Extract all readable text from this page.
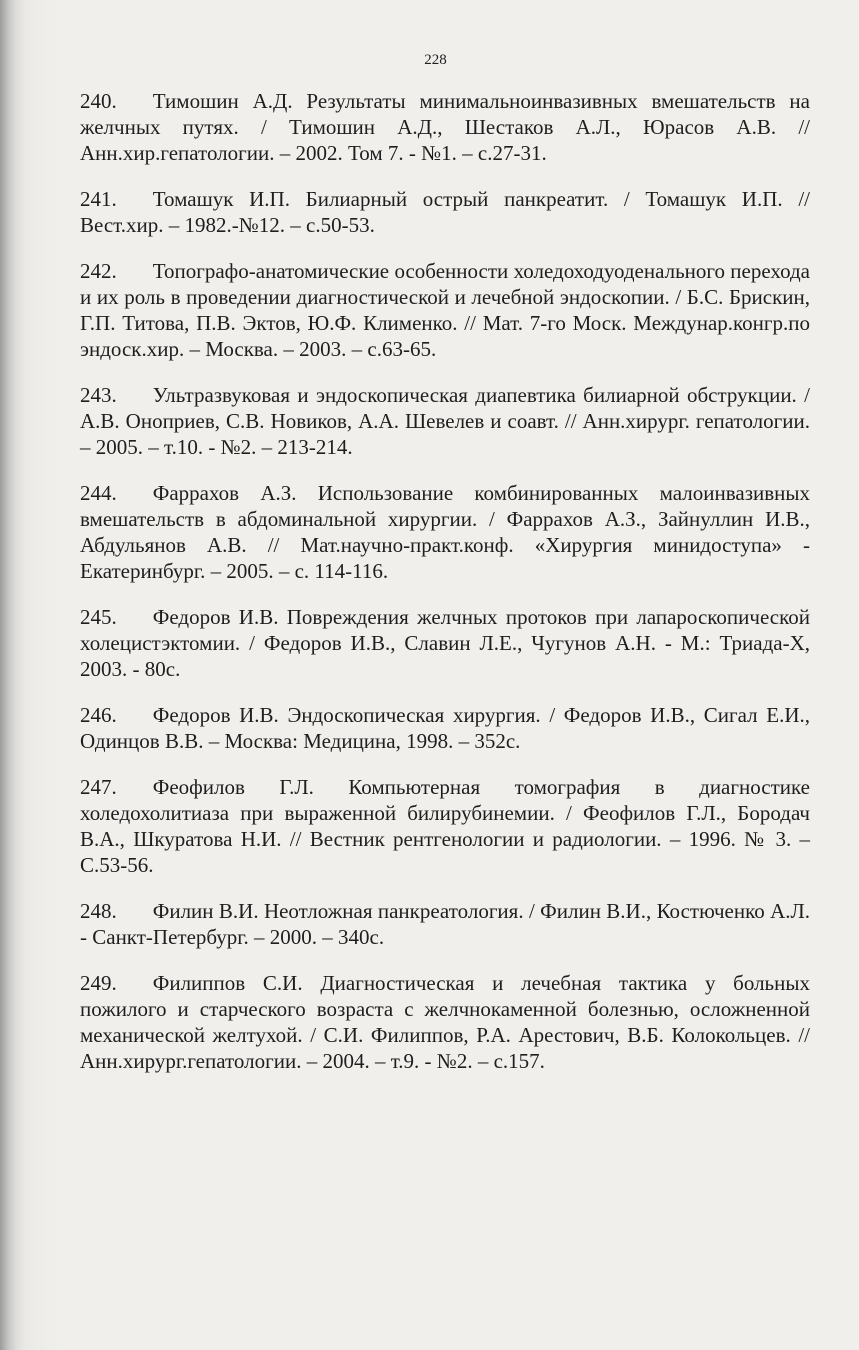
228

240. Тимошин А.Д. Результаты минимальноинвазивных вмешательств на желчных путях. / Тимошин А.Д., Шестаков А.Л., Юрасов А.В. // Анн.хир.гепатологии. – 2002. Том 7. - №1. – с.27-31.

241. Томашук И.П. Билиарный острый панкреатит. / Томашук И.П. // Вест.хир. – 1982.-№12. – с.50-53.

242. Топографо-анатомические особенности холедоходуоденального перехода и их роль в проведении диагностической и лечебной эндоскопии. / Б.С. Брискин, Г.П. Титова, П.В. Эктов, Ю.Ф. Клименко. // Мат. 7-го Моск. Междунар.конгр.по эндоск.хир. – Москва. – 2003. – с.63-65.

243. Ультразвуковая и эндоскопическая диапевтика билиарной обструкции. / А.В. Оноприев, С.В. Новиков, А.А. Шевелев и соавт. // Анн.хирург. гепатологии. – 2005. – т.10. - №2. – 213-214.

244. Фаррахов А.З. Использование комбинированных малоинвазивных вмешательств в абдоминальной хирургии. / Фаррахов А.З., Зайнуллин И.В., Абдульянов А.В. // Мат.научно-практ.конф. «Хирургия минидоступа» - Екатеринбург. – 2005. – с. 114-116.

245. Федоров И.В. Повреждения желчных протоков при лапароскопической холецистэктомии. / Федоров И.В., Славин Л.Е., Чугунов А.Н. - М.: Триада-Х, 2003. - 80с.

246. Федоров И.В. Эндоскопическая хирургия. / Федоров И.В., Сигал Е.И., Одинцов В.В. – Москва: Медицина, 1998. – 352с.

247. Феофилов Г.Л. Компьютерная томография в диагностике холедохолитиаза при выраженной билирубинемии. / Феофилов Г.Л., Бородач В.А., Шкуратова Н.И. // Вестник рентгенологии и радиологии. – 1996. № 3. – С.53-56.

248. Филин В.И. Неотложная панкреатология. / Филин В.И., Костюченко А.Л. - Санкт-Петербург. – 2000. – 340с.

249. Филиппов С.И. Диагностическая и лечебная тактика у больных пожилого и старческого возраста с желчнокаменной болезнью, осложненной механической желтухой. / С.И. Филиппов, Р.А. Арестович, В.Б. Колокольцев. // Анн.хирург.гепатологии. – 2004. – т.9. - №2. – с.157.
